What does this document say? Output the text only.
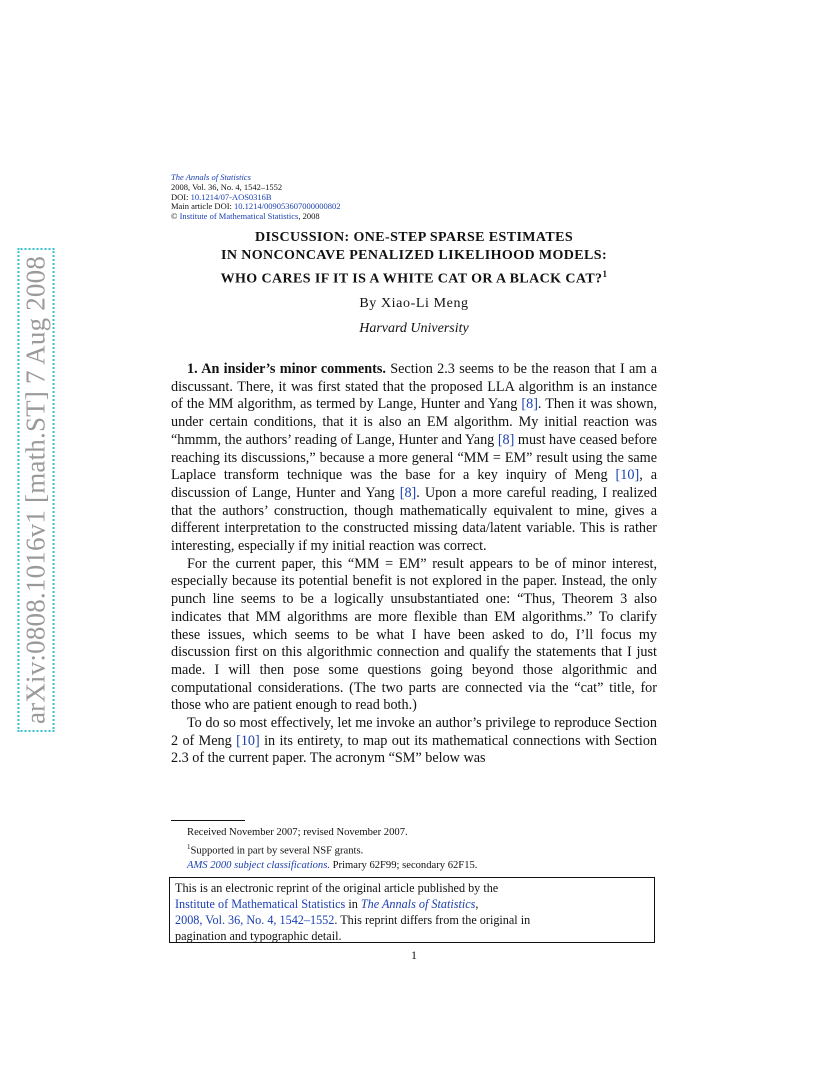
arXiv:0808.1016v1 [math.ST] 7 Aug 2008
The Annals of Statistics
2008, Vol. 36, No. 4, 1542–1552
DOI: 10.1214/07-AOS0316B
Main article DOI: 10.1214/009053607000000802
© Institute of Mathematical Statistics, 2008
DISCUSSION: ONE-STEP SPARSE ESTIMATES
IN NONCONCAVE PENALIZED LIKELIHOOD MODELS:
WHO CARES IF IT IS A WHITE CAT OR A BLACK CAT?$^1$
By Xiao-Li Meng
Harvard University

1. An insider’s minor comments. Section 2.3 seems to be the reason that I am a discussant. There, it was first stated that the proposed LLA algorithm is an instance of the MM algorithm, as termed by Lange, Hunter and Yang [8]. Then it was shown, under certain conditions, that it is also an EM algorithm. My initial reaction was “hmmm, the authors’ reading of Lange, Hunter and Yang [8] must have ceased before reaching its discussions,” because a more general “MM = EM” result using the same Laplace transform technique was the base for a key inquiry of Meng [10], a discussion of Lange, Hunter and Yang [8]. Upon a more careful reading, I realized that the authors’ construction, though mathematically equivalent to mine, gives a different interpretation to the constructed missing data/latent variable. This is rather interesting, especially if my initial reaction was correct.

For the current paper, this “MM = EM” result appears to be of minor interest, especially because its potential benefit is not explored in the paper. Instead, the only punch line seems to be a logically unsubstantiated one: “Thus, Theorem 3 also indicates that MM algorithms are more flexible than EM algorithms.” To clarify these issues, which seems to be what I have been asked to do, I’ll focus my discussion first on this algorithmic connection and qualify the statements that I just made. I will then pose some questions going beyond those algorithmic and computational considerations. (The two parts are connected via the “cat” title, for those who are patient enough to read both.)

To do so most effectively, let me invoke an author’s privilege to reproduce Section 2 of Meng [10] in its entirety, to map out its mathematical connections with Section 2.3 of the current paper. The acronym “SM” below was

Received November 2007; revised November 2007.
$^1$Supported in part by several NSF grants.
AMS 2000 subject classifications. Primary 62F99; secondary 62F15.
This is an electronic reprint of the original article published by the
Institute of Mathematical Statistics in The Annals of Statistics,
2008, Vol. 36, No. 4, 1542–1552. This reprint differs from the original in
pagination and typographic detail.
1
